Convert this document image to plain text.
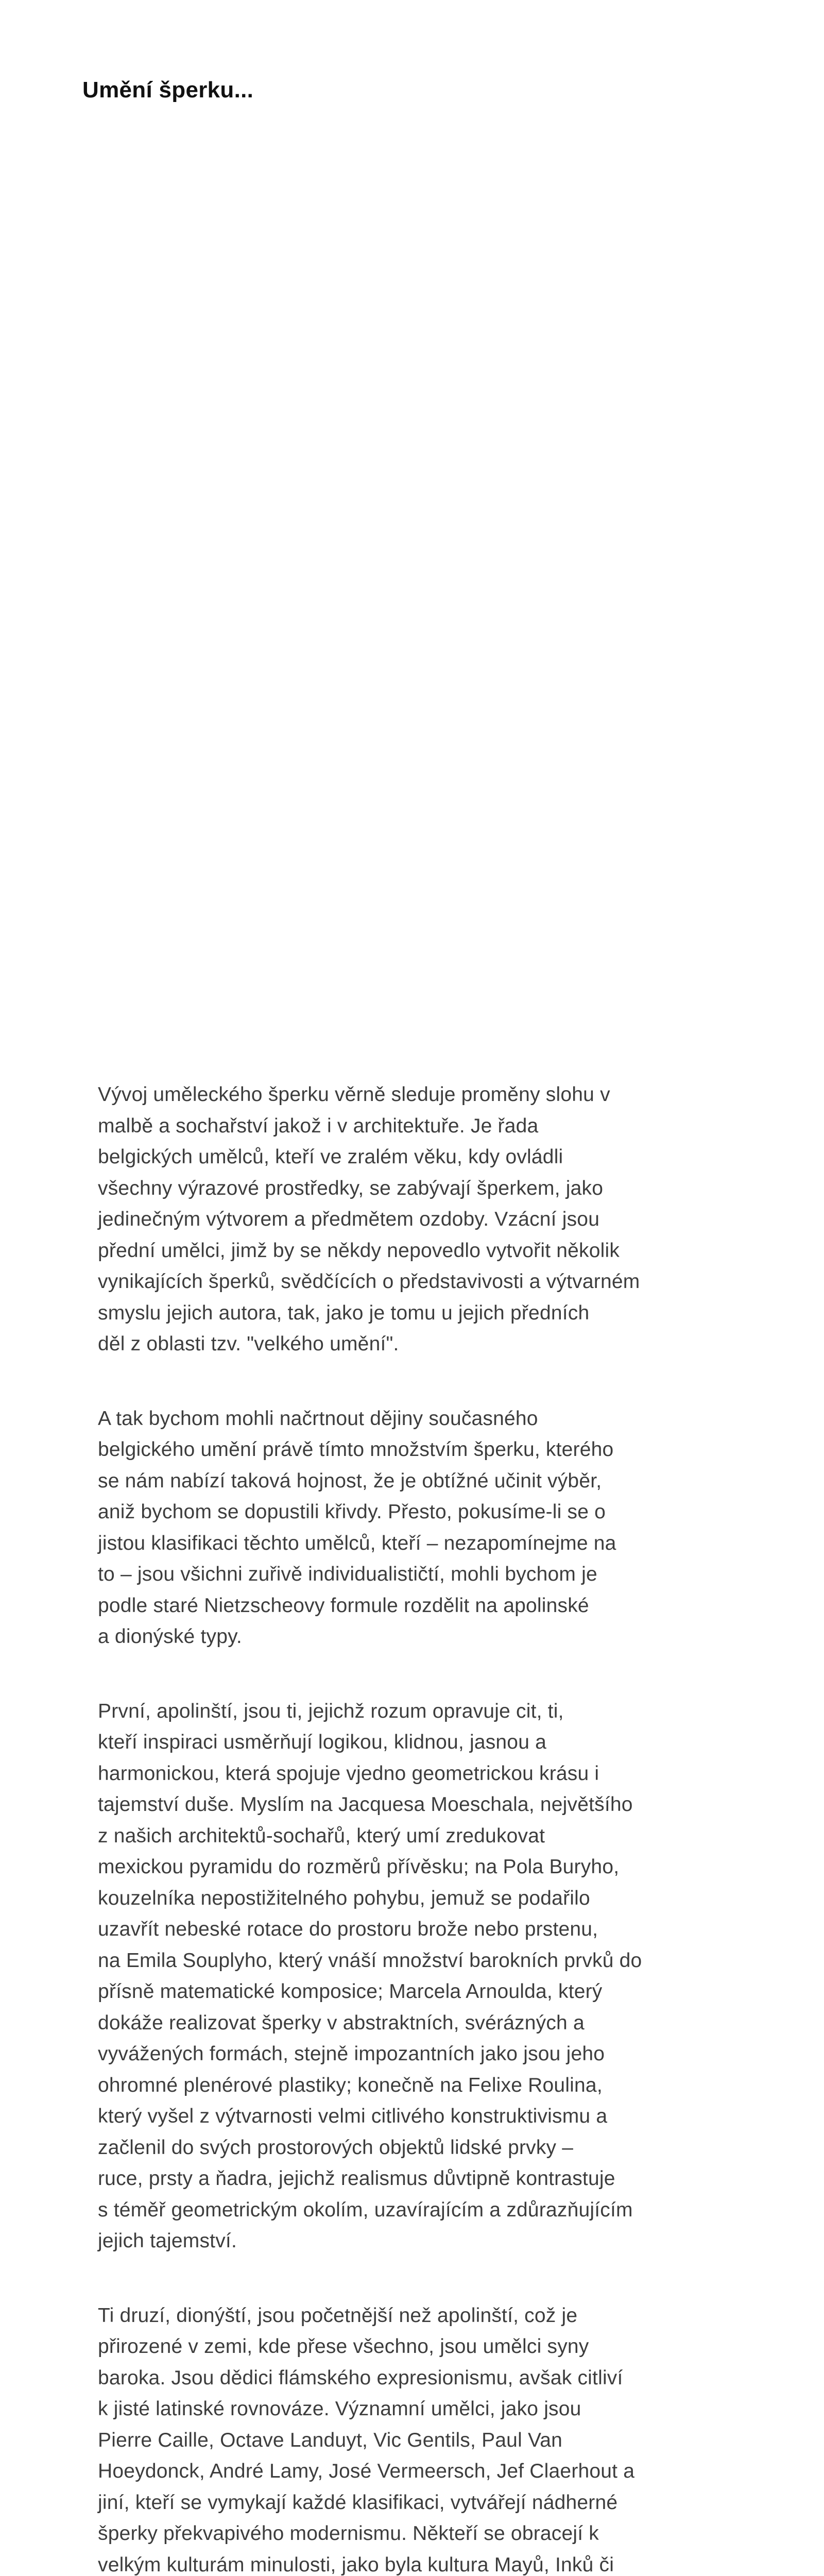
Umění šperku...
Vývoj uměleckého šperku věrně sleduje proměny slohu v
malbě a sochařství jakož i v architektuře. Je řada
belgických umělců, kteří ve zralém věku, kdy ovládli
všechny výrazové prostředky, se zabývají šperkem, jako
jedinečným výtvorem a předmětem ozdoby. Vzácní jsou
přední umělci, jimž by se někdy nepovedlo vytvořit několik
vynikajících šperků, svědčících o představivosti a výtvarném
smyslu jejich autora, tak, jako je tomu u jejich předních
děl z oblasti tzv. "velkého umění".
A tak bychom mohli načrtnout dějiny současného
belgického umění právě tímto množstvím šperku, kterého
se nám nabízí taková hojnost, že je obtížné učinit výběr,
aniž bychom se dopustili křivdy. Přesto, pokusíme-li se o
jistou klasifikaci těchto umělců, kteří – nezapomínejme na
to – jsou všichni zuřivě individualističtí, mohli bychom je
podle staré Nietzscheovy formule rozdělit na apolinské
a dionýské typy.
První, apolinští, jsou ti, jejichž rozum opravuje cit, ti,
kteří inspiraci usměrňují logikou, klidnou, jasnou a
harmonickou, která spojuje vjedno geometrickou krásu i
tajemství duše. Myslím na Jacquesa Moeschala, největšího
z našich architektů-sochařů, který umí zredukovat
mexickou pyramidu do rozměrů přívěsku; na Pola Buryho,
kouzelníka nepostižitelného pohybu, jemuž se podařilo
uzavřít nebeské rotace do prostoru brože nebo prstenu,
na Emila Souplyho, který vnáší množství barokních prvků do
přísně matematické komposice; Marcela Arnoulda, který
dokáže realizovat šperky v abstraktních, svérázných a
vyvážených formách, stejně impozantních jako jsou jeho
ohromné plenérové plastiky; konečně na Felixe Roulina,
který vyšel z výtvarnosti velmi citlivého konstruktivismu a
začlenil do svých prostorových objektů lidské prvky –
ruce, prsty a ňadra, jejichž realismus důvtipně kontrastuje
s téměř geometrickým okolím, uzavírajícím a zdůrazňujícím
jejich tajemství.
Ti druzí, dionýští, jsou početnější než apolinští, což je
přirozené v zemi, kde přese všechno, jsou umělci syny
baroka. Jsou dědici flámského expresionismu, avšak citliví
k jisté latinské rovnováze. Významní umělci, jako jsou
Pierre Caille, Octave Landuyt, Vic Gentils, Paul Van
Hoeydonck, André Lamy, José Vermeersch, Jef Claerhout a
jiní, kteří se vymykají každé klasifikaci, vytvářejí nádherné
šperky překvapivého modernismu. Někteří se obracejí k
velkým kulturám minulosti, jako byla kultura Mayů, Inků či
